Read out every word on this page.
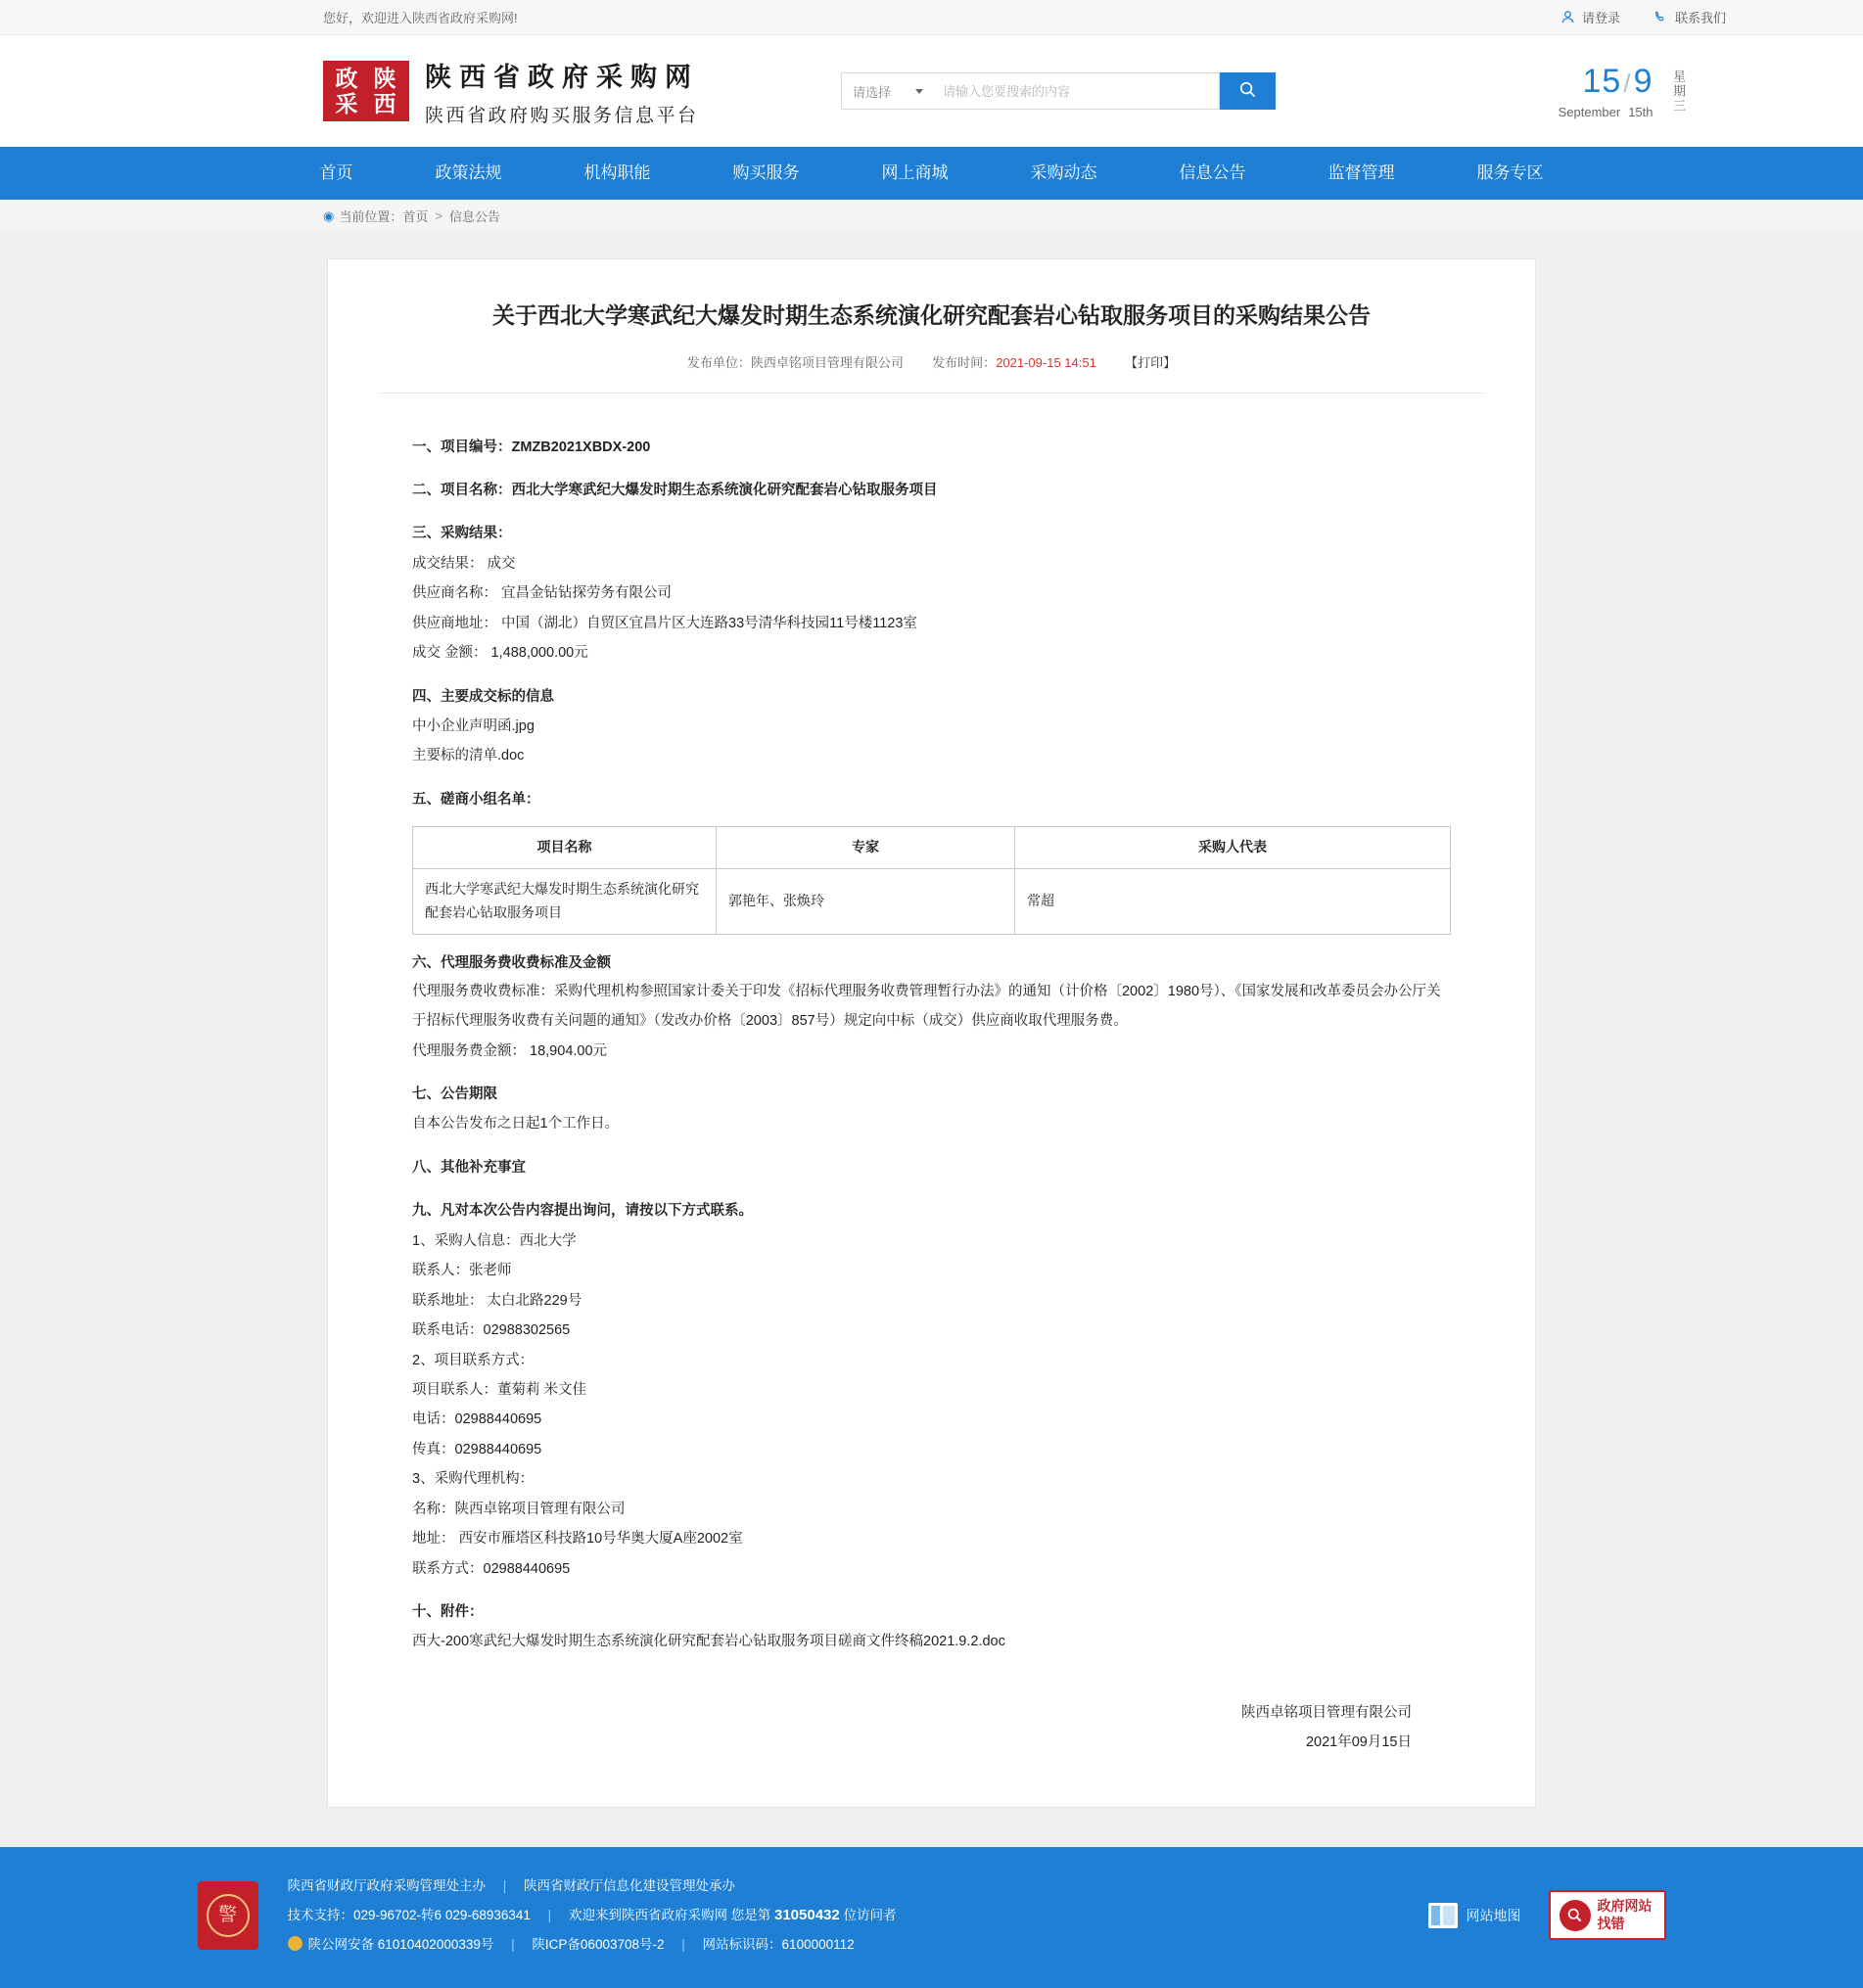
您好，欢迎进入陕西省政府采购网!	请登录	联系我们
政 陕
采 西
陕西省政府采购网
陕西省政府购买服务信息平台
请选择
请输入您要搜索的内容	15/9
September 15th 星期三
首页	政策法规	机构职能	购买服务	网上商城	采购动态	信息公告	监督管理	服务专区
◉ 当前位置： 首页 > 信息公告
关于西北大学寒武纪大爆发时期生态系统演化研究配套岩心钻取服务项目的采购结果公告
发布单位：陕西卓铭项目管理有限公司 发布时间：2021-09-15 14:51 【打印】
一、项目编号：ZMZB2021XBDX-200
二、项目名称：西北大学寒武纪大爆发时期生态系统演化研究配套岩心钻取服务项目
三、采购结果：
成交结果： 成交
供应商名称： 宜昌金钻钻探劳务有限公司
供应商地址： 中国（湖北）自贸区宜昌片区大连路33号清华科技园11号楼1123室
成交 金额： 1,488,000.00元
四、主要成交标的信息
中小企业声明函.jpg
主要标的清单.doc
五、磋商小组名单：
项目名称	专家	采购人代表
西北大学寒武纪大爆发时期生态系统演化研究配套岩心钻取服务项目	郭艳年、张焕玲	常超
六、代理服务费收费标准及金额
代理服务费收费标准：采购代理机构参照国家计委关于印发《招标代理服务收费管理暂行办法》的通知（计价格〔2002〕1980号）、《国家发展和改革委员会办公厅关于招标代理服务收费有关问题的通知》（发改办价格〔2003〕857号）规定向中标（成交）供应商收取代理服务费。
代理服务费金额： 18,904.00元
七、公告期限
自本公告发布之日起1个工作日。
八、其他补充事宜
九、凡对本次公告内容提出询问，请按以下方式联系。
1、采购人信息：西北大学
联系人：张老师
联系地址： 太白北路229号
联系电话：02988302565
2、项目联系方式：
项目联系人：董菊莉 米文佳
电话：02988440695
传真：02988440695
3、采购代理机构：
名称：陕西卓铭项目管理有限公司
地址： 西安市雁塔区科技路10号华奥大厦A座2002室
联系方式：02988440695
十、附件：
西大-200寒武纪大爆发时期生态系统演化研究配套岩心钻取服务项目磋商文件终稿2021.9.2.doc
陕西卓铭项目管理有限公司
2021年09月15日
警
陕西省财政厅政府采购管理处主办 | 陕西省财政厅信息化建设管理处承办
技术支持：029-96702-转6 029-68936341 | 欢迎来到陕西省政府采购网 您是第 31050432 位访问者
陕公网安备 61010402000339号 | 陕ICP备06003708号-2 | 网站标识码：6100000112
网站地图
政府网站
找错
